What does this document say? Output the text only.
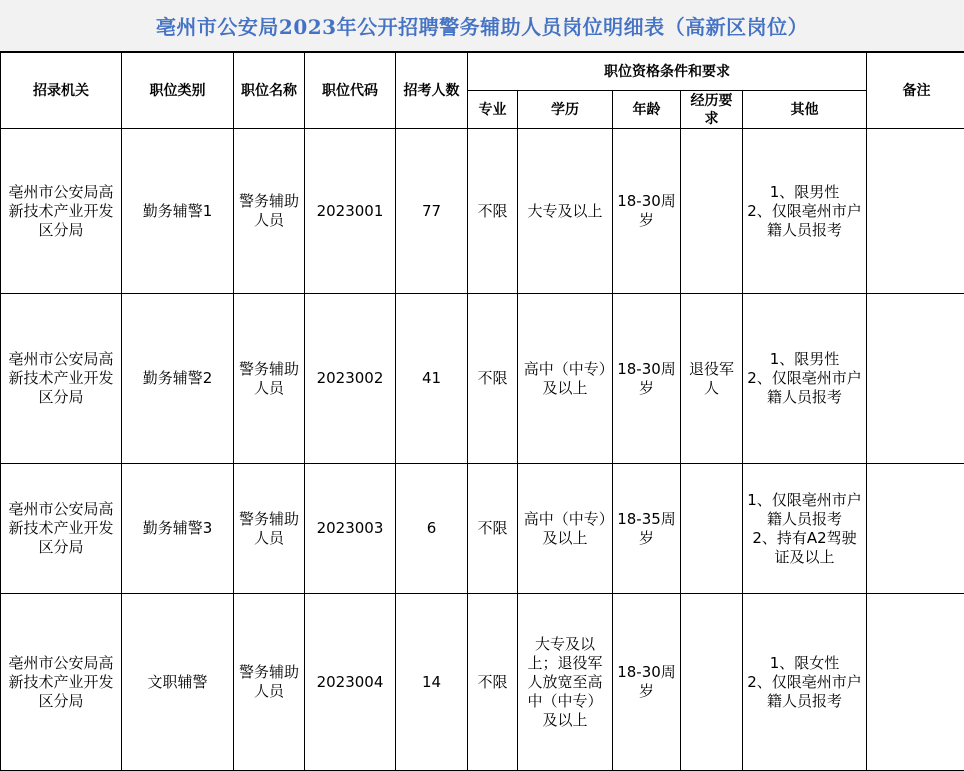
亳州市公安局2023年公开招聘警务辅助人员岗位明细表（高新区岗位）
招录机关	职位类别	职位名称	职位代码	招考人数	职位资格条件和要求					备注
					专业	学历	年龄	经历要求	其他	
亳州市公安局高新技术产业开发区分局	勤务辅警1	警务辅助人员	2023001	77	不限	大专及以上	18-30周岁		1、限男性
2、仅限亳州市户籍人员报考	

亳州市公安局高新技术产业开发区分局	勤务辅警2	警务辅助人员	2023002	41	不限	高中（中专）及以上	18-30周岁	退役军人	1、限男性
2、仅限亳州市户籍人员报考	

亳州市公安局高新技术产业开发区分局	勤务辅警3	警务辅助人员	2023003	6	不限	高中（中专）及以上	18-35周岁		1、仅限亳州市户籍人员报考
2、持有A2驾驶证及以上	

亳州市公安局高新技术产业开发区分局	文职辅警	警务辅助人员	2023004	14	不限	大专及以上；退役军人放宽至高中（中专）及以上	18-30周岁		1、限女性
2、仅限亳州市户籍人员报考	
